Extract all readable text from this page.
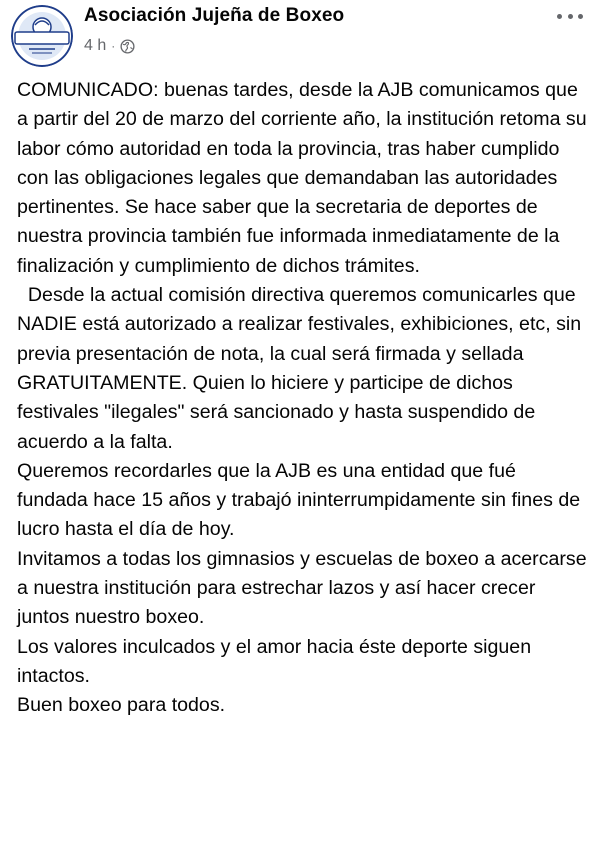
Asociación Jujeña de Boxeo
4 h ·

COMUNICADO: buenas tardes, desde la AJB comunicamos que a partir del 20 de marzo del corriente año, la institución retoma su labor cómo autoridad en toda la provincia, tras haber cumplido con las obligaciones legales que demandaban las autoridades pertinentes. Se hace saber que la secretaria de deportes de nuestra provincia también fue informada inmediatamente de la finalización y cumplimiento de dichos trámites.

Desde la actual comisión directiva queremos comunicarles que NADIE está autorizado a realizar festivales, exhibiciones, etc, sin previa presentación de nota, la cual será firmada y sellada GRATUITAMENTE. Quien lo hiciere y participe de dichos festivales "ilegales" será sancionado y hasta suspendido de acuerdo a la falta.

Queremos recordarles que la AJB es una entidad que fué fundada hace 15 años y trabajó ininterrumpidamente sin fines de lucro hasta el día de hoy.

Invitamos a todas los gimnasios y escuelas de boxeo a acercarse a nuestra institución para estrechar lazos y así hacer crecer juntos nuestro boxeo.

Los valores inculcados y el amor hacia éste deporte siguen intactos.

Buen boxeo para todos.
